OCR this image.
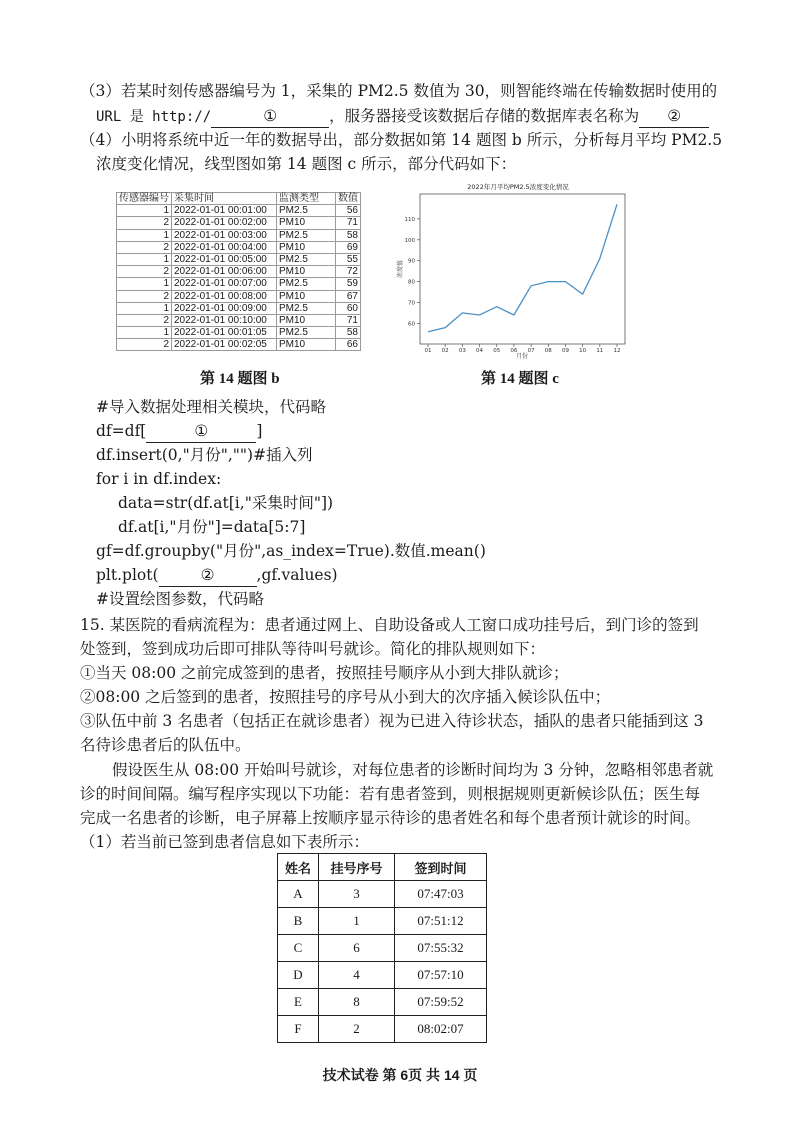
（3）若某时刻传感器编号为 1，采集的 PM2.5 数值为 30，则智能终端在传输数据时使用的
URL 是 http://	①	，服务器接受该数据后存储的数据库表名称为 ②
（4）小明将系统中近一年的数据导出，部分数据如第 14 题图 b 所示，分析每月平均 PM2.5
浓度变化情况，线型图如第 14 题图 c 所示，部分代码如下：
传感器编号	采集时间	监测类型	数值
1	2022-01-01 00:01:00	PM2.5	56
2	2022-01-01 00:02:00	PM10	71
1	2022-01-01 00:03:00	PM2.5	58
2	2022-01-01 00:04:00	PM10	69
1	2022-01-01 00:05:00	PM2.5	55
2	2022-01-01 00:06:00	PM10	72
1	2022-01-01 00:07:00	PM2.5	59
2	2022-01-01 00:08:00	PM10	67
1	2022-01-01 00:09:00	PM2.5	60
2	2022-01-01 00:10:00	PM10	71
1	2022-01-01 00:01:05	PM2.5	58
2	2022-01-01 00:02:05	PM10	66
第 14 题图 b
2022年月平均PM2.5浓度变化情况
60
70
80
90
100
110
01 02 03 04 05 06 07 08 09 10 11 12
浓度值
月份
第 14 题图 c
#导入数据处理相关模块，代码略
df=df[	①	]
df.insert(0,"月份","")#插入列
for i in df.index:
data=str(df.at[i,"采集时间"])
df.at[i,"月份"]=data[5:7]
gf=df.groupby("月份",as_index=True).数值.mean()
plt.plot(	②	,gf.values)
#设置绘图参数，代码略
15. 某医院的看病流程为：患者通过网上、自助设备或人工窗口成功挂号后，到门诊的签到
处签到，签到成功后即可排队等待叫号就诊。简化的排队规则如下：
①当天 08:00 之前完成签到的患者，按照挂号顺序从小到大排队就诊；
②08:00 之后签到的患者，按照挂号的序号从小到大的次序插入候诊队伍中；
③队伍中前 3 名患者（包括正在就诊患者）视为已进入待诊状态，插队的患者只能插到这 3
名待诊患者后的队伍中。
假设医生从 08:00 开始叫号就诊，对每位患者的诊断时间均为 3 分钟，忽略相邻患者就
诊的时间间隔。编写程序实现以下功能：若有患者签到，则根据规则更新候诊队伍；医生每
完成一名患者的诊断，电子屏幕上按顺序显示待诊的患者姓名和每个患者预计就诊的时间。
（1）若当前已签到患者信息如下表所示：
姓名	挂号序号	签到时间
A	3	07:47:03
B	1	07:51:12
C	6	07:55:32
D	4	07:57:10
E	8	07:59:52
F	2	08:02:07
技术试卷 第 6页 共 14 页
